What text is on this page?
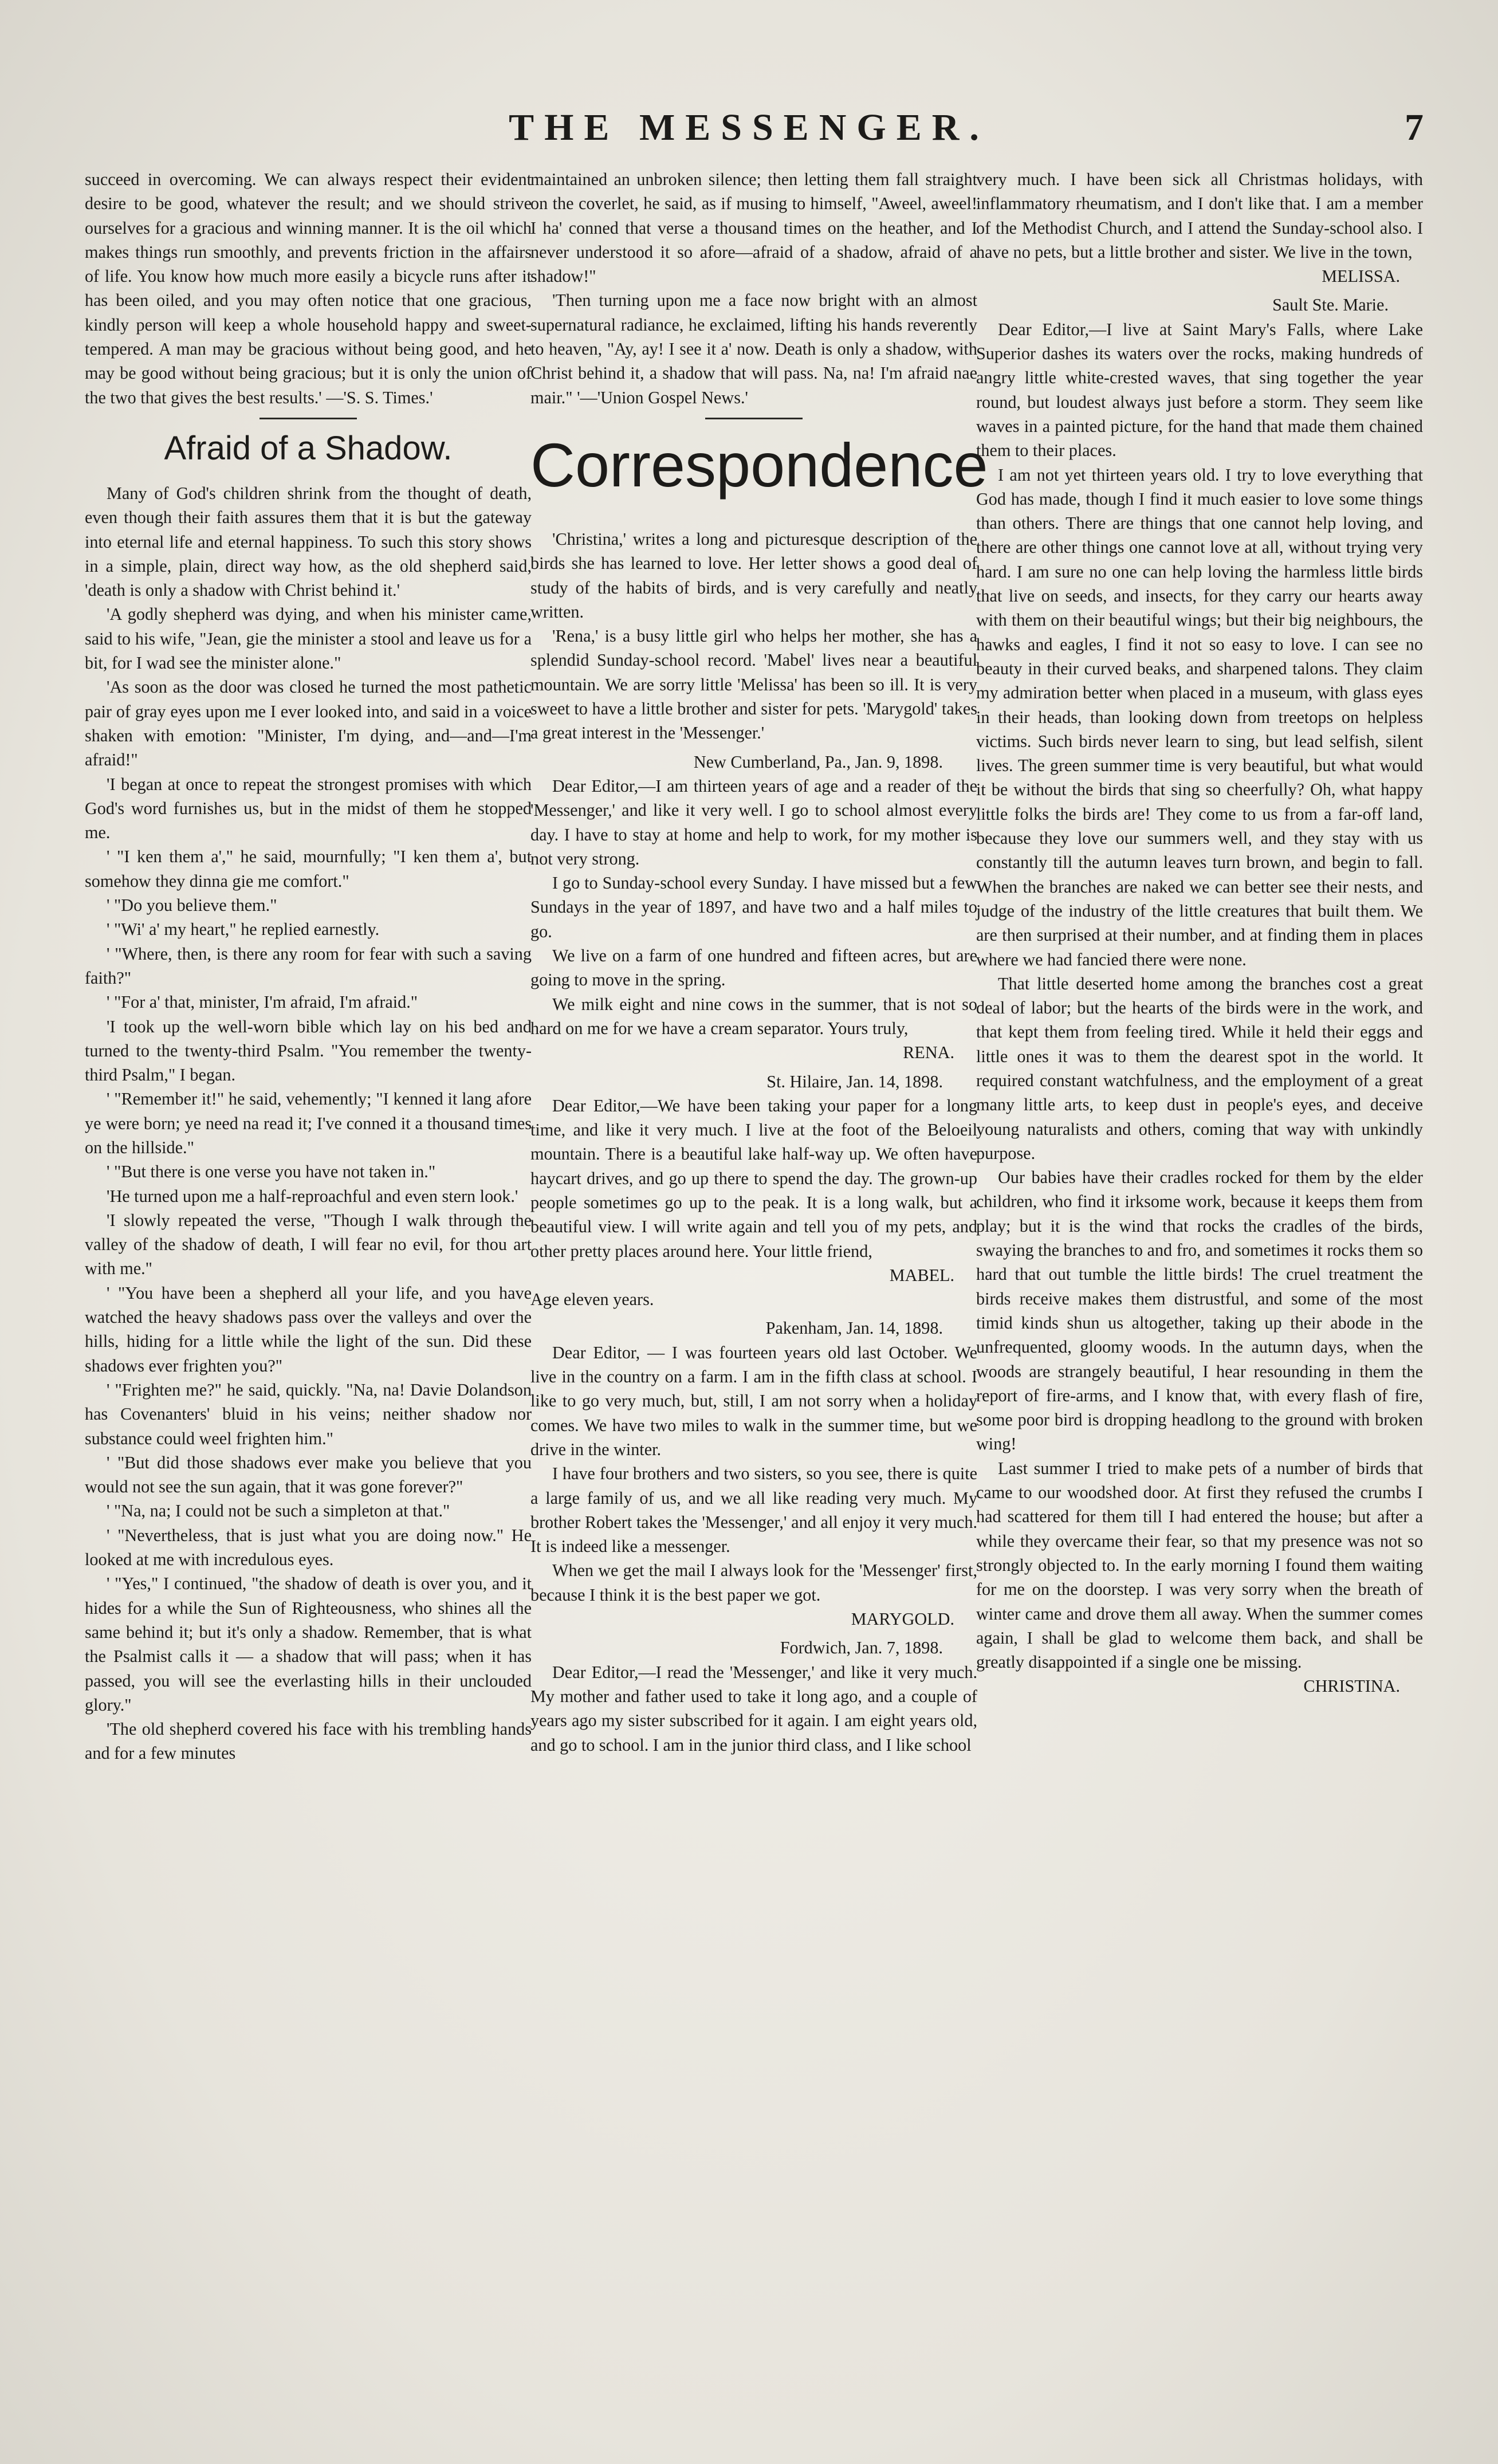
THE MESSENGER.	7

succeed in overcoming. We can always respect their evident desire to be good, whatever the result; and we should strive ourselves for a gracious and winning manner. It is the oil which makes things run smoothly, and prevents friction in the affairs of life. You know how much more easily a bicycle runs after it has been oiled, and you may often notice that one gracious, kindly person will keep a whole household happy and sweet-tempered. A man may be gracious without being good, and he may be good without being gracious; but it is only the union of the two that gives the best results.' —'S. S. Times.'

Afraid of a Shadow.

Many of God's children shrink from the thought of death, even though their faith assures them that it is but the gateway into eternal life and eternal happiness. To such this story shows in a simple, plain, direct way how, as the old shepherd said, 'death is only a shadow with Christ behind it.'

'A godly shepherd was dying, and when his minister came, said to his wife, "Jean, gie the minister a stool and leave us for a bit, for I wad see the minister alone."

'As soon as the door was closed he turned the most pathetic pair of gray eyes upon me I ever looked into, and said in a voice shaken with emotion: "Minister, I'm dying, and—and—I'm afraid!"

'I began at once to repeat the strongest promises with which God's word furnishes us, but in the midst of them he stopped me.

' "I ken them a'," he said, mournfully; "I ken them a', but somehow they dinna gie me comfort."

' "Do you believe them."

' "Wi' a' my heart," he replied earnestly.

' "Where, then, is there any room for fear with such a saving faith?"

' "For a' that, minister, I'm afraid, I'm afraid."

'I took up the well-worn bible which lay on his bed and turned to the twenty-third Psalm. "You remember the twenty-third Psalm," I began.

' "Remember it!" he said, vehemently; "I kenned it lang afore ye were born; ye need na read it; I've conned it a thousand times on the hillside."

' "But there is one verse you have not taken in."

'He turned upon me a half-reproachful and even stern look.'

'I slowly repeated the verse, "Though I walk through the valley of the shadow of death, I will fear no evil, for thou art with me."

' "You have been a shepherd all your life, and you have watched the heavy shadows pass over the valleys and over the hills, hiding for a little while the light of the sun. Did these shadows ever frighten you?"

' "Frighten me?" he said, quickly. "Na, na! Davie Dolandson has Covenanters' bluid in his veins; neither shadow nor substance could weel frighten him."

' "But did those shadows ever make you believe that you would not see the sun again, that it was gone forever?"

' "Na, na; I could not be such a simpleton at that."

' "Nevertheless, that is just what you are doing now." He looked at me with incredulous eyes.

' "Yes," I continued, "the shadow of death is over you, and it hides for a while the Sun of Righteousness, who shines all the same behind it; but it's only a shadow. Remember, that is what the Psalmist calls it — a shadow that will pass; when it has passed, you will see the everlasting hills in their unclouded glory."

'The old shepherd covered his face with his trembling hands and for a few minutes

maintained an unbroken silence; then letting them fall straight on the coverlet, he said, as if musing to himself, "Aweel, aweel! I ha' conned that verse a thousand times on the heather, and I never understood it so afore—afraid of a shadow, afraid of a shadow!"

'Then turning upon me a face now bright with an almost supernatural radiance, he exclaimed, lifting his hands reverently to heaven, "Ay, ay! I see it a' now. Death is only a shadow, with Christ behind it, a shadow that will pass. Na, na! I'm afraid nae mair." '—'Union Gospel News.'

Correspondence

'Christina,' writes a long and picturesque description of the birds she has learned to love. Her letter shows a good deal of study of the habits of birds, and is very carefully and neatly written.

'Rena,' is a busy little girl who helps her mother, she has a splendid Sunday-school record. 'Mabel' lives near a beautiful mountain. We are sorry little 'Melissa' has been so ill. It is very sweet to have a little brother and sister for pets. 'Marygold' takes a great interest in the 'Messenger.'

New Cumberland, Pa., Jan. 9, 1898.

Dear Editor,—I am thirteen years of age and a reader of the 'Messenger,' and like it very well. I go to school almost every day. I have to stay at home and help to work, for my mother is not very strong.

I go to Sunday-school every Sunday. I have missed but a few Sundays in the year of 1897, and have two and a half miles to go.

We live on a farm of one hundred and fifteen acres, but are going to move in the spring.

We milk eight and nine cows in the summer, that is not so hard on me for we have a cream separator. Yours truly,

RENA.
St. Hilaire, Jan. 14, 1898.

Dear Editor,—We have been taking your paper for a long time, and like it very much. I live at the foot of the Beloeil mountain. There is a beautiful lake half-way up. We often have haycart drives, and go up there to spend the day. The grown-up people sometimes go up to the peak. It is a long walk, but a beautiful view. I will write again and tell you of my pets, and other pretty places around here. Your little friend,

MABEL.

Age eleven years.

Pakenham, Jan. 14, 1898.

Dear Editor, — I was fourteen years old last October. We live in the country on a farm. I am in the fifth class at school. I like to go very much, but, still, I am not sorry when a holiday comes. We have two miles to walk in the summer time, but we drive in the winter.

I have four brothers and two sisters, so you see, there is quite a large family of us, and we all like reading very much. My brother Robert takes the 'Messenger,' and all enjoy it very much. It is indeed like a messenger.

When we get the mail I always look for the 'Messenger' first, because I think it is the best paper we got.

MARYGOLD.
Fordwich, Jan. 7, 1898.

Dear Editor,—I read the 'Messenger,' and like it very much. My mother and father used to take it long ago, and a couple of years ago my sister subscribed for it again. I am eight years old, and go to school. I am in the junior third class, and I like school

very much. I have been sick all Christmas holidays, with inflammatory rheumatism, and I don't like that. I am a member of the Methodist Church, and I attend the Sunday-school also. I have no pets, but a little brother and sister. We live in the town,

MELISSA.
Sault Ste. Marie.

Dear Editor,—I live at Saint Mary's Falls, where Lake Superior dashes its waters over the rocks, making hundreds of angry little white-crested waves, that sing together the year round, but loudest always just before a storm. They seem like waves in a painted picture, for the hand that made them chained them to their places.

I am not yet thirteen years old. I try to love everything that God has made, though I find it much easier to love some things than others. There are things that one cannot help loving, and there are other things one cannot love at all, without trying very hard. I am sure no one can help loving the harmless little birds that live on seeds, and insects, for they carry our hearts away with them on their beautiful wings; but their big neighbours, the hawks and eagles, I find it not so easy to love. I can see no beauty in their curved beaks, and sharpened talons. They claim my admiration better when placed in a museum, with glass eyes in their heads, than looking down from treetops on helpless victims. Such birds never learn to sing, but lead selfish, silent lives. The green summer time is very beautiful, but what would it be without the birds that sing so cheerfully? Oh, what happy little folks the birds are! They come to us from a far-off land, because they love our summers well, and they stay with us constantly till the autumn leaves turn brown, and begin to fall. When the branches are naked we can better see their nests, and judge of the industry of the little creatures that built them. We are then surprised at their number, and at finding them in places where we had fancied there were none.

That little deserted home among the branches cost a great deal of labor; but the hearts of the birds were in the work, and that kept them from feeling tired. While it held their eggs and little ones it was to them the dearest spot in the world. It required constant watchfulness, and the employment of a great many little arts, to keep dust in people's eyes, and deceive young naturalists and others, coming that way with unkindly purpose.

Our babies have their cradles rocked for them by the elder children, who find it irksome work, because it keeps them from play; but it is the wind that rocks the cradles of the birds, swaying the branches to and fro, and sometimes it rocks them so hard that out tumble the little birds! The cruel treatment the birds receive makes them distrustful, and some of the most timid kinds shun us altogether, taking up their abode in the unfrequented, gloomy woods. In the autumn days, when the woods are strangely beautiful, I hear resounding in them the report of fire-arms, and I know that, with every flash of fire, some poor bird is dropping headlong to the ground with broken wing!

Last summer I tried to make pets of a number of birds that came to our woodshed door. At first they refused the crumbs I had scattered for them till I had entered the house; but after a while they overcame their fear, so that my presence was not so strongly objected to. In the early morning I found them waiting for me on the doorstep. I was very sorry when the breath of winter came and drove them all away. When the summer comes again, I shall be glad to welcome them back, and shall be greatly disappointed if a single one be missing.

CHRISTINA.
